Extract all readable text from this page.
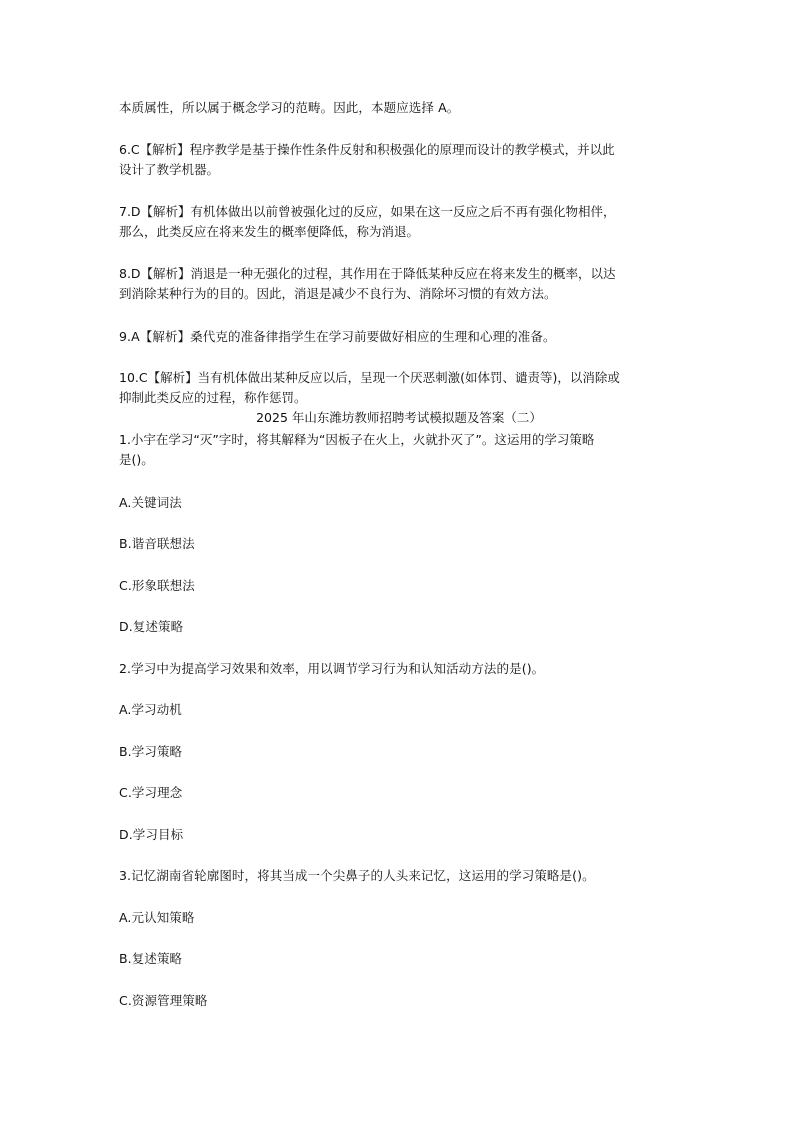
本质属性，所以属于概念学习的范畴。因此，本题应选择 A。
6.C【解析】程序教学是基于操作性条件反射和积极强化的原理而设计的教学模式，并以此
设计了教学机器。
7.D【解析】有机体做出以前曾被强化过的反应，如果在这一反应之后不再有强化物相伴，
那么，此类反应在将来发生的概率便降低，称为消退。
8.D【解析】消退是一种无强化的过程，其作用在于降低某种反应在将来发生的概率，以达
到消除某种行为的目的。因此，消退是减少不良行为、消除坏习惯的有效方法。
9.A【解析】桑代克的准备律指学生在学习前要做好相应的生理和心理的准备。
10.C【解析】当有机体做出某种反应以后，呈现一个厌恶刺激(如体罚、谴责等)，以消除或
抑制此类反应的过程，称作惩罚。
2025 年山东潍坊教师招聘考试模拟题及答案（二）
1.小宇在学习“灭”字时，将其解释为“因板子在火上，火就扑灭了”。这运用的学习策略
是()。
A.关键词法
B.谐音联想法
C.形象联想法
D.复述策略
2.学习中为提高学习效果和效率，用以调节学习行为和认知活动方法的是()。
A.学习动机
B.学习策略
C.学习理念
D.学习目标
3.记忆湖南省轮廓图时，将其当成一个尖鼻子的人头来记忆，这运用的学习策略是()。
A.元认知策略
B.复述策略
C.资源管理策略
